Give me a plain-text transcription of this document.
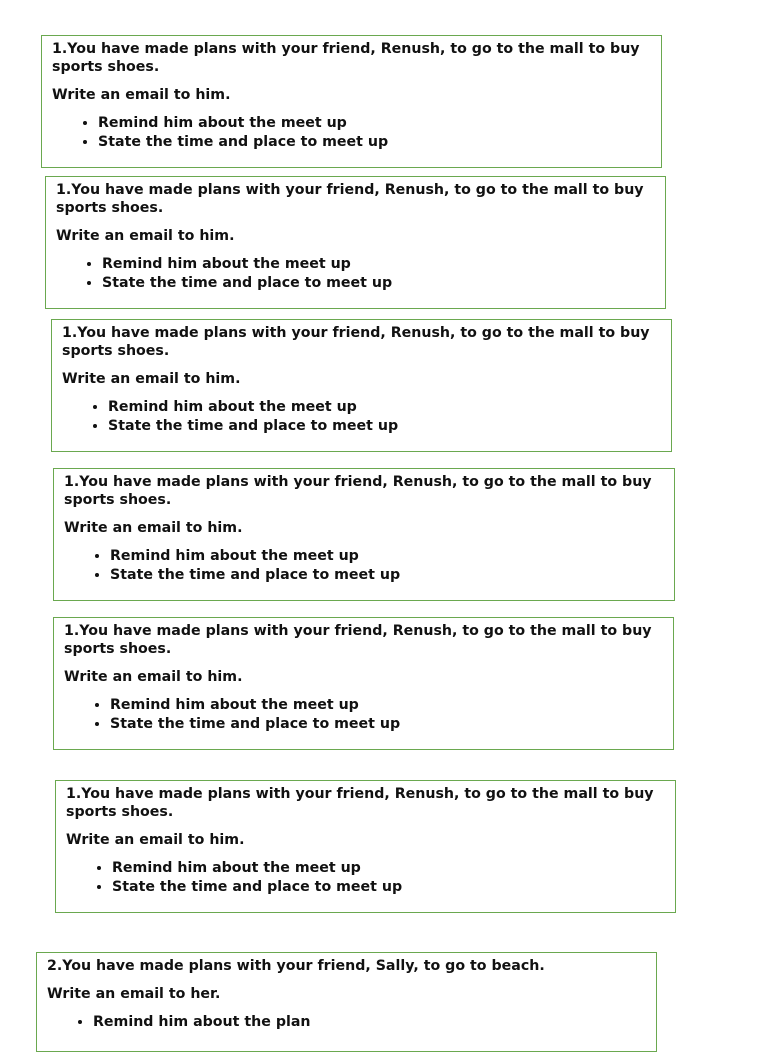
1.You have made plans with your friend, Renush, to go to the mall to buy sports shoes.

Write an email to him.

• Remind him about the meet up
• State the time and place to meet up

1.You have made plans with your friend, Renush, to go to the mall to buy sports shoes.

Write an email to him.

• Remind him about the meet up
• State the time and place to meet up

1.You have made plans with your friend, Renush, to go to the mall to buy sports shoes.

Write an email to him.

• Remind him about the meet up
• State the time and place to meet up

1.You have made plans with your friend, Renush, to go to the mall to buy sports shoes.

Write an email to him.

• Remind him about the meet up
• State the time and place to meet up

1.You have made plans with your friend, Renush, to go to the mall to buy sports shoes.

Write an email to him.

• Remind him about the meet up
• State the time and place to meet up

1.You have made plans with your friend, Renush, to go to the mall to buy sports shoes.

Write an email to him.

• Remind him about the meet up
• State the time and place to meet up

2.You have made plans with your friend, Sally, to go to beach.

Write an email to her.

• Remind him about the plan
